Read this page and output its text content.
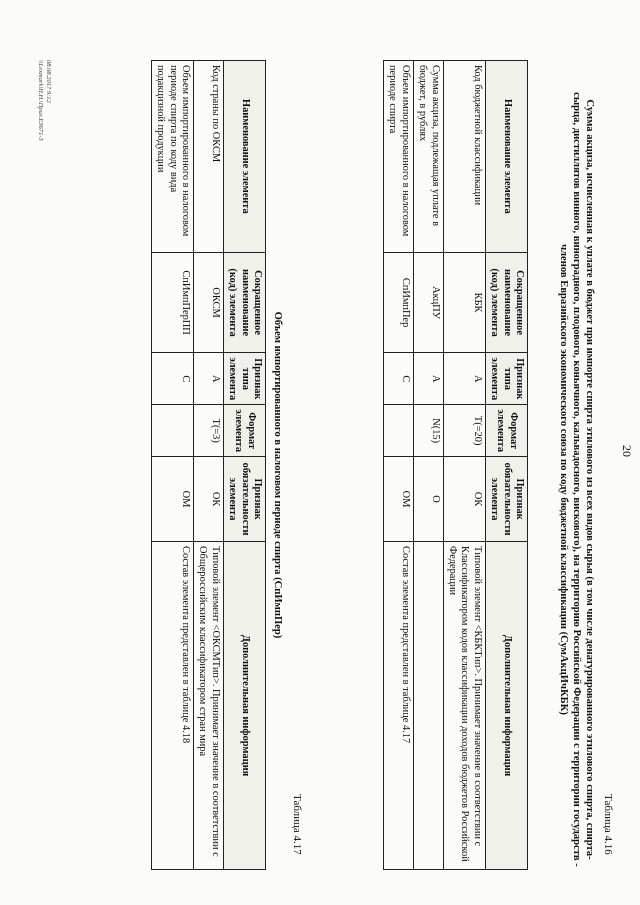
20
Таблица 4.16
Сумма акциза, исчисленная к уплате в бюджет при импорте спирта этилового из всех видов сырья (в том числе денатурированного этилового спирта, спирта-сырца, дистиллятов винного, виноградного, плодового, коньячного, кальвадосного, вискового), на территорию Российской Федерации с территории государств - членов Евразийского экономического союза по коду бюджетной классификации (СумАкцИчКБК)
Наименование элемента	Сокращенное наименование (код) элемента	Признак типа элемента	Формат элемента	Признак обязательности элемента	Дополнительная информация
Код бюджетной классификации	КБК	А	T(=20)	ОК	Типовой элемент <КБКТип>. Принимает значение в соответствии с Классификатором кодов классификации доходов бюджетов Российской Федерации
Сумма акциза, подлежащая уплате в бюджет, в рублях	АкцПУ	А	N(15)	О	
Объем импортированного в налоговом периоде спирта	СпИмпПер	С		ОМ	Состав элемента представлен в таблице 4.17
Таблица 4.17
Объем импортированного в налоговом периоде спирта (СпИмпПер)
Наименование элемента	Сокращенное наименование (код) элемента	Признак типа элемента	Формат элемента	Признак обязательности элемента	Дополнительная информация
Код страны по ОКСМ	ОКСМ	А	T(=3)	ОК	Типовой элемент <ОКСМТип>. Принимает значение в соответствии с Общероссийским классификатором стран мира
Объем импортированного в налоговом периоде спирта по коду вида подакцизной продукции	СпИмпПерПП	С		ОМ	Состав элемента представлен в таблице 4.18
08.08.2017 9:12
\\Lexmark\Н.Н.\Прил.Е3671-3
